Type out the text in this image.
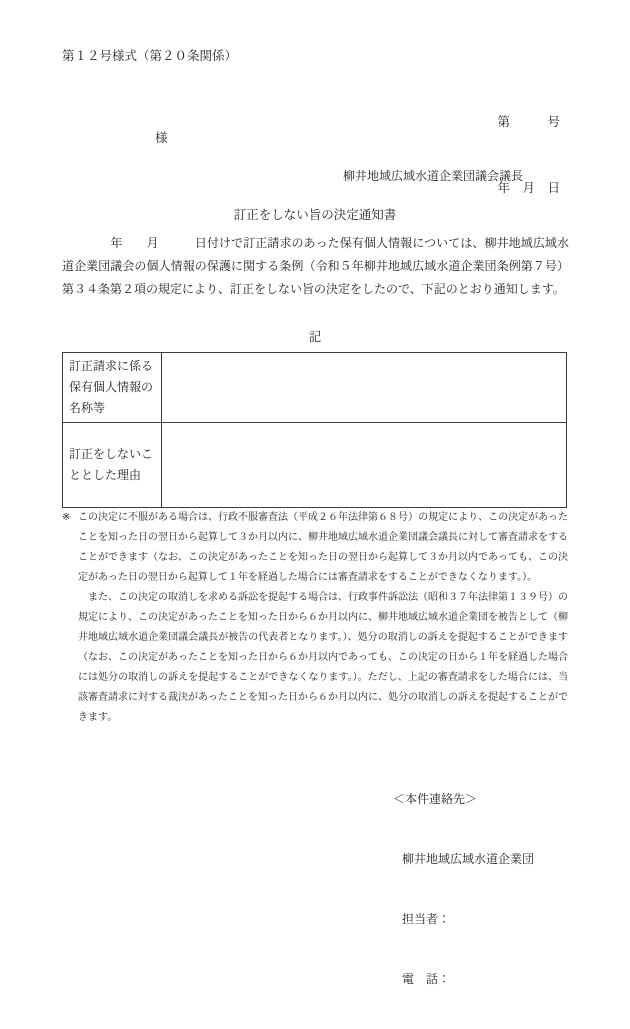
第１２号様式（第２０条関係）

第　　　号

年　月　日

様
柳井地域広域水道企業団議会議長
訂正をしない旨の決定通知書

　　　　年　　月　　　日付けで訂正請求のあった保有個人情報については、柳井地域広域水道企業団議会の個人情報の保護に関する条例（令和５年柳井地域広域水道企業団条例第７号）第３４条第２項の規定により、訂正をしない旨の決定をしたので、下記のとおり通知します。

記
訂正請求に係る保有個人情報の名称等	
訂正をしないこととした理由	

※ この決定に不服がある場合は、行政不服審査法（平成２６年法律第６８号）の規定により、この決定があったことを知った日の翌日から起算して３か月以内に、柳井地域広域水道企業団議会議長に対して審査請求をすることができます（なお、この決定があったことを知った日の翌日から起算して３か月以内であっても、この決定があった日の翌日から起算して１年を経過した場合には審査請求をすることができなくなります。）。

　また、この決定の取消しを求める訴訟を提起する場合は、行政事件訴訟法（昭和３７年法律第１３９号）の規定により、この決定があったことを知った日から６か月以内に、柳井地域広域水道企業団を被告として（柳井地域広域水道企業団議会議長が被告の代表者となります。）、処分の取消しの訴えを提起することができます（なお、この決定があったことを知った日から６か月以内であっても、この決定の日から１年を経過した場合には処分の取消しの訴えを提起することができなくなります。）。ただし、上記の審査請求をした場合には、当該審査請求に対する裁決があったことを知った日から６か月以内に、処分の取消しの訴えを提起することができます。

＜本件連絡先＞

柳井地域広域水道企業団

担当者：

電　話：
